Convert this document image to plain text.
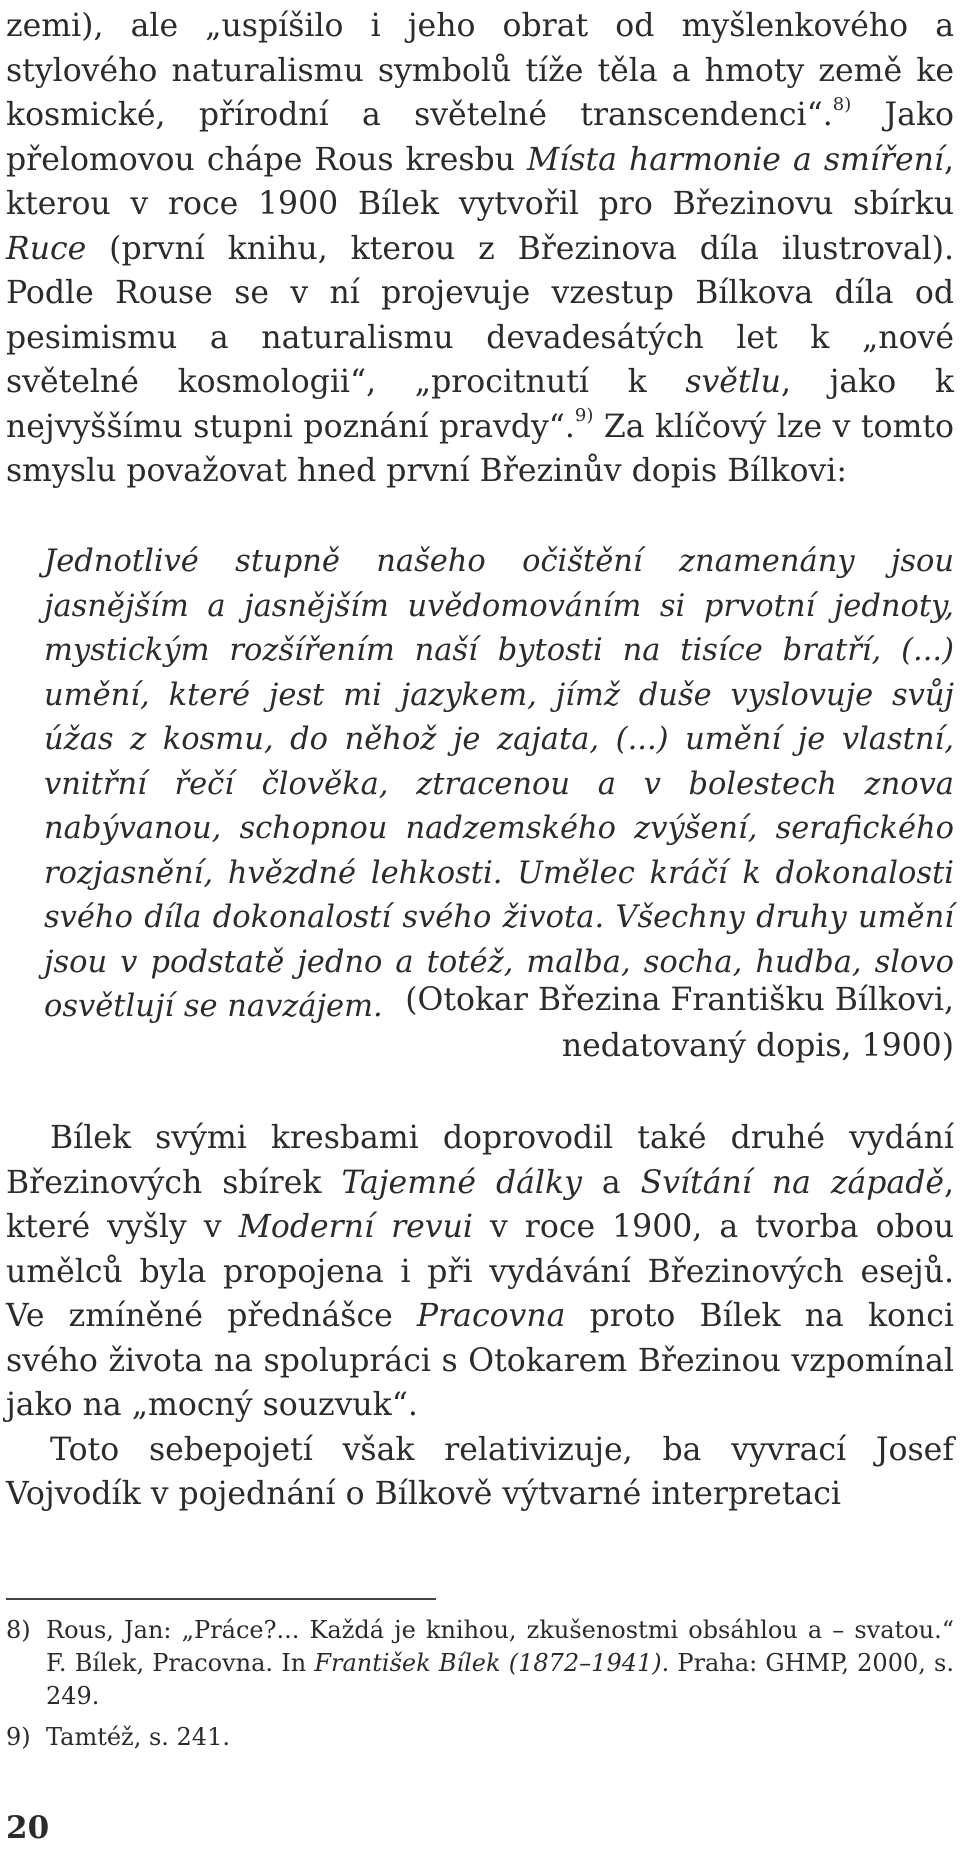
zemi), ale „uspíšilo i jeho obrat od myšlenkového a stylového naturalismu symbolů tíže těla a hmoty země ke kosmické, přírodní a světelné transcendenci“.$^{8)}$ Jako přelomovou chápe Rous kresbu Místa harmonie a smíření, kterou v roce 1900 Bílek vytvořil pro Březinovu sbírku Ruce (první knihu, kterou z Březinova díla ilustroval). Podle Rouse se v ní projevuje vzestup Bílkova díla od pesimismu a naturalismu devadesátých let k „nové světelné kosmologii“, „procitnutí k světlu, jako k nejvyššímu stupni poznání pravdy“.$^{9)}$ Za klíčový lze v tomto smyslu považovat hned první Březinův dopis Bílkovi:

Jednotlivé stupně našeho očištění znamenány jsou jasnějším a jasnějším uvědomováním si prvotní jednoty, mystickým rozšířením naší bytosti na tisíce bratří, (...) umění, které jest mi jazykem, jímž duše vyslovuje svůj úžas z kosmu, do něhož je zajata, (...) umění je vlastní, vnitřní řečí člověka, ztracenou a v bolestech znova nabývanou, schopnou nadzemského zvýšení, serafického rozjasnění, hvězdné lehkosti. Umělec kráčí k dokonalosti svého díla dokonalostí svého života. Všechny druhy umění jsou v podstatě jedno a totéž, malba, socha, hudba, slovo osvětlují se navzájem. (Otokar Březina Františku Bílkovi,
nedatovaný dopis, 1900)

Bílek svými kresbami doprovodil také druhé vydání Březinových sbírek Tajemné dálky a Svítání na západě, které vyšly v Moderní revui v roce 1900, a tvorba obou umělců byla propojena i při vydávání Březinových esejů. Ve zmíněné přednášce Pracovna proto Bílek na konci svého života na spolupráci s Otokarem Březinou vzpomínal jako na „mocný souzvuk“.

Toto sebepojetí však relativizuje, ba vyvrací Josef Vojvodík v pojednání o Bílkově výtvarné interpretaci

8) Rous, Jan: „Práce?... Každá je knihou, zkušenostmi obsáhlou a – svatou.“ F. Bílek, Pracovna. In František Bílek (1872–1941). Praha: GHMP, 2000, s. 249.
9) Tamtéž, s. 241.
20
